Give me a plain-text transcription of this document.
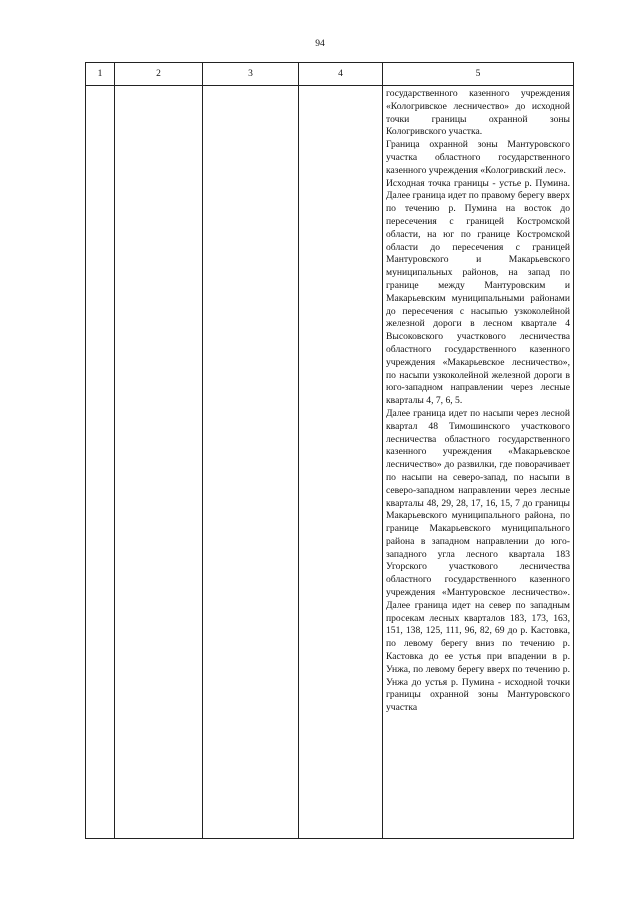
94
1	2	3	4	5

				государственного казенного учреждения «Кологривское лесничество» до исходной точки границы охранной зоны Кологривского участка.

Граница охранной зоны Мантуровского участка областного государственного казенного учреждения «Кологривский лес».

Исходная точка границы - устье р. Пумина. Далее граница идет по правому берегу вверх по течению р. Пумина на восток до пересечения с границей Костромской области, на юг по границе Костромской области до пересечения с границей Мантуровского и Макарьевского муниципальных районов, на запад по границе между Мантуровским и Макарьевским муниципальными районами до пересечения с насыпью узкоколейной железной дороги в лесном квартале 4 Высоковского участкового лесничества областного государственного казенного учреждения «Макарьевское лесничество», по насыпи узкоколейной железной дороги в юго-западном направлении через лесные кварталы 4, 7, 6, 5.

Далее граница идет по насыпи через лесной квартал 48 Тимошинского участкового лесничества областного государственного казенного учреждения «Макарьевское лесничество» до развилки, где поворачивает по насыпи на северо-запад, по насыпи в северо-западном направлении через лесные кварталы 48, 29, 28, 17, 16, 15, 7 до границы Макарьевского муниципального района, по границе Макарьевского муниципального района в западном направлении до юго-западного угла лесного квартала 183 Угорского участкового лесничества областного государственного казенного учреждения «Мантуровское лесничество». Далее граница идет на север по западным просекам лесных кварталов 183, 173, 163, 151, 138, 125, 111, 96, 82, 69 до р. Кастовка, по левому берегу вниз по течению р. Кастовка до ее устья при впадении в р. Унжа, по левому берегу вверх по течению р. Унжа до устья р. Пумина - исходной точки границы охранной зоны Мантуровского участка
